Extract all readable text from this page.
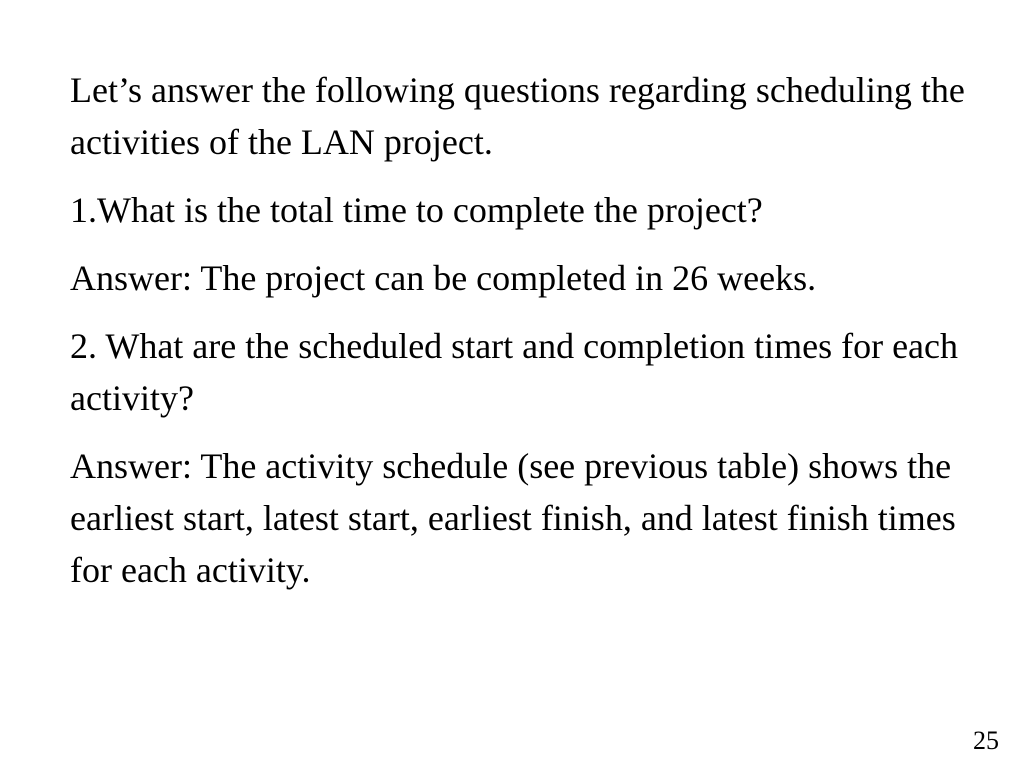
Let’s answer the following questions regarding scheduling the activities of the LAN project.

1.What is the total time to complete the project?

Answer: The project can be completed in 26 weeks.

2. What are the scheduled start and completion times for each activity?

Answer: The activity schedule (see previous table) shows the earliest start, latest start, earliest finish, and latest finish times for each activity.

25
